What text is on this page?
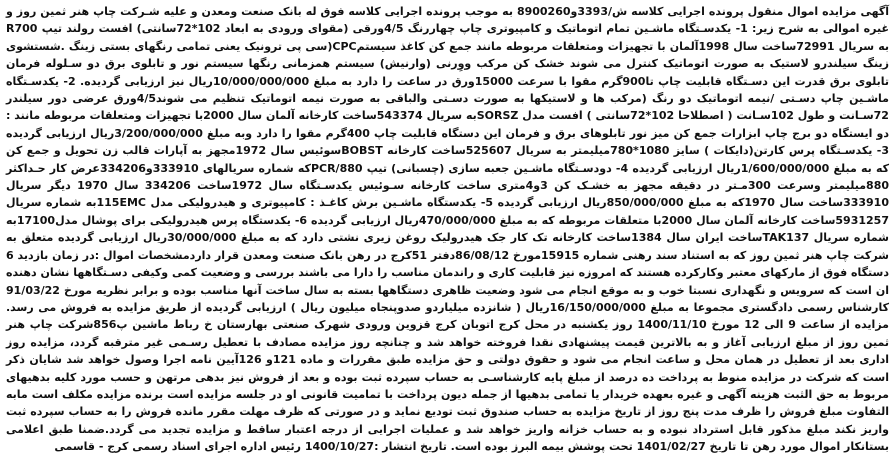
آگهی مزایده اموال منقول پرونده اجرایی کلاسه ش/3393و8900260 به موجب پرونده اجرایی کلاسه فوق له بانک صنعت ومعدن و علیه شـرکت چاپ هنر ثمین روز و غیره اموالی به شرح زیر: 1- یکدسـتگاه ماشـین تمام اتوماتیک و کامپیوتری چاپ چهاررنگ 4/5ورقی (مقوای ورودی به ابعاد 102*72سانتی) افست رولند تیپ R700 به سریال 72991ساخت سال 1998آلمان با تجهیزات ومتعلقات مربوطه مانند جمع کن کاغذ سیستمCPC(سی پی ترونیک یعنی تمامی رنگهای بستی زینگ .شستشوی زینگ سیلندرو لاستیک به صورت اتوماتیک کنترل می شوند خشک کن مرکب ووِرنی (وارنیش) سیستم همزمانی رنگها سیستم نور و تابلوی برق دو سـلوله فرمان تابلوی برق قدرت این دسـتگاه قابلیت چاپ تا900گرم مقوا با سرعت 15000ورق در ساعت را دارد به مبلغ 10/000/000/000ریال نیز ارزیابی گردیده. 2- یکدسـتگاه ماشـین چاپ دسـتی /نیمه اتوماتیک دو رنگ (مرکب ها و لاستیکها به صورت دسـتی والباقی به صورت نیمه اتوماتیک تنظیم می شوند4/5ورق عرضی دور سیلندر 72سـانت و طول 102سـانت ( اصطلاحا 102*72سانتی ) افست مدل SORSZبه سریال 543374ساخت کارخانه آلمان سال 2000با تجهیزات ومتعلقات مربوطه مانند : دو ایستگاه دو برج چاپ ابزارات جمع کن میز نور تابلوهای برق و فرمان این دستگاه قابلیت چاپ 400گرم مقوا را دارد وبه مبلغ 3/200/000/000ریال ارزیابی گردیده 3- یکدسـتگاه پرس کارتن(دایکات ) سایز 1080*780میلیمتر به سریال 525607ساخت کارخانه BOBSTسوئیس سال 1972مجهز به آپارات قالب زن تحویل و جمع کن که به مبلغ 1/600/000/000ریال ارزیابی گردیده 4- دودسـتگاه ماشـین جعبه سازی (چسبانی) تیپ PCR/880که شماره سریالهای 333910و334206عرض کار حـداکثر 880میلیمتر وسرعت 300مـتر در دقیقه مجهز به خشـک کن 3و4متری ساخت کارخانه سـوئیس یکدسـتگاه سال 1972ساخت 334206 سال 1970 دیگر سریال 333910ساخت سال 1970که به مبلغ 850/000/000ریال ارزیابی گردیده 5- یکدستگاه ماشـین برش کاغـذ : کامپیوتری و هیدرولیکی مدل 115EMCبه شماره سریال 5931257ساخت کارخانه آلمان سال 2000با متعلقات مربوطه که به مبلغ 470/000/000ریال ارزیابی گردیده 6- یکدستگاه پرس هیدرولیکی برای پوشال مدل17100به شماره سریال TAK137ساخت ایران سال 1384ساخت کارخانه تک کار جک هیدرولیک روغن زیری نشتی دارد که به مبلغ 30/000/000ریال ارزیابی گردیده متعلق به شرکت چاپ هنر ثمین روز که به استناد سند رهنی شماره 15915مورخ 86/08/12دفتر 51کرج در رهن بانک صنعت ومعدن قرار داردمشخصات اموال :در زمان بازدید 6 دستگاه فوق از مارکهای معتبر وکارکرده هستند که امروزه نیز قابلیت کاری و راندمان مناسب را دارا می باشند بررسی و وضعیت کمی وکیفی دسـتگاهها نشان دهنده ان است که سرویس و نگهداری نسبتا خوب و به موقع انجام می شود وضعیت ظاهری دستگاهها بسته به سال ساخت آنها مناسب بوده و برابر نظریه مورخ 91/03/22 کارشناس رسمی دادگستری مجموعا به مبلغ 16/150/000/000ریال ( شانزده میلیاردو صدوپنجاه میلیون ریال ) ارزیابی گردیده از طریق مزایده به فروش می رسد. مزایده از ساعت 9 الی 12 مورخ 1400/11/10 روز یکشنبه در محل کرج اتوبان کرج قزوین ورودی شهرک صنعتی بهارستان خ رباط ماشین پ856شرکت چاپ هنر ثمین روز از مبلغ ارزیابی آغاز و به بالاترین قیمت پیشنهادی نقدا فروخته خواهد شد و چنانچه روز مزایده مصادف با تعطیل رسـمی غیر مترقبه گردد، مزایده روز اداری بعد از تعطیل در همان محل و ساعت انجام می شود و حقوق دولتی و حق مزایده طبق مقررات و ماده 121و 126آیین نامه اجرا وصول خواهد شد شایان ذکر است که شرکت در مزایده منوط به پرداخت ده درصد از مبلغ پایه کارشناسـی به حساب سپرده ثبت بوده و بعد از فروش نیز بدهی مرتهن و حسب مورد کلیه بدهیهای مربوط به حق الثبت هزینه آگهی و غیره بعهده خریدار یا تمامی بدهیها از جمله دیون پرداخت با تمامیت قانونی او در جلسه مزایده است برنده مزایده مکلف است مابه التفاوت مبلغ فروش را ظرف مدت پنج روز از تاریخ مزایده به حساب صندوق ثبت تودیع نماید و در صورتی که ظرف مهلت مقرر مانده فروش را به حساب سپرده ثبت واریز نکند مبلغ مذکور قابل استرداد نبوده و به حساب خزانه واریز خواهد شد و عملیات اجرایی از درجه اعتبار ساقط و مزایده تجدید می گردد.ضمنا طبق اعلامی بستانکار اموال مورد رهن تا تاریخ 1401/02/27 تحت پوشش بیمه البرز بوده است. تاریخ انتشار :1400/10/27 رئیس اداره اجرای اسناد رسمی کرج - قاسمی
